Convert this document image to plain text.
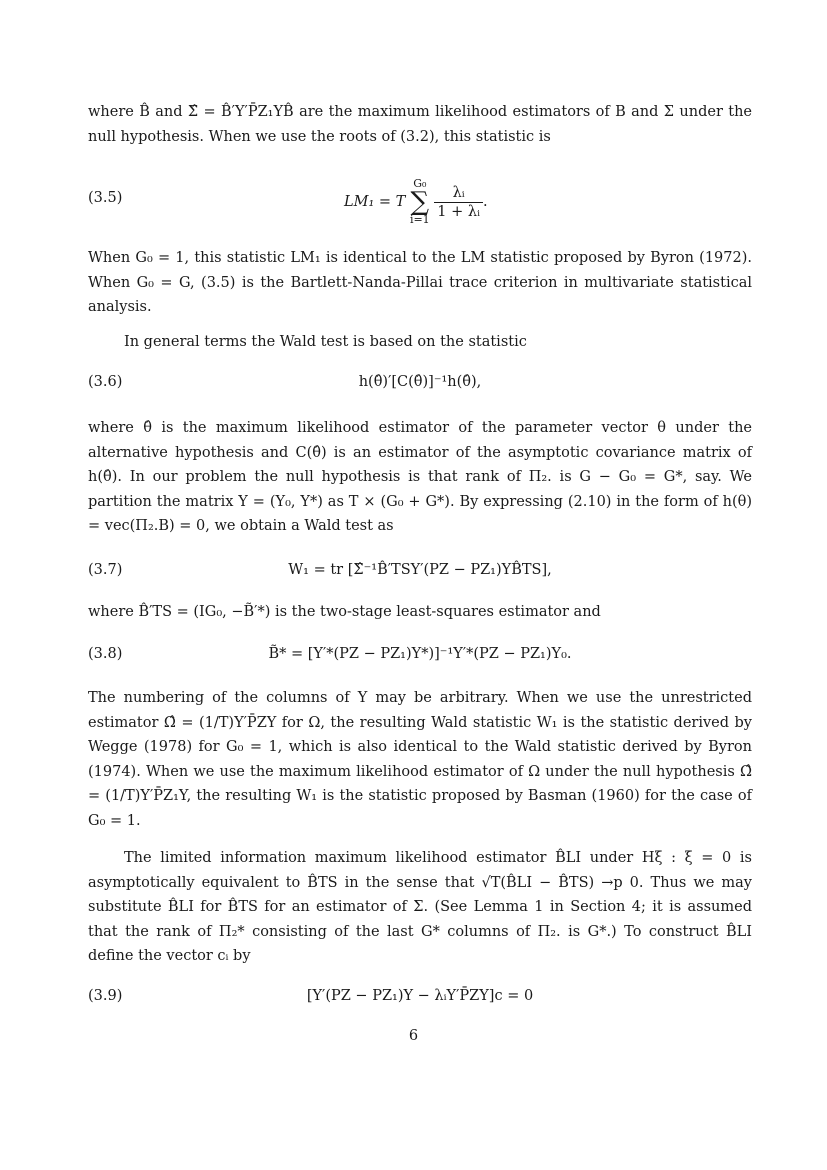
where B̂ and Σ̂ = B̂′Y′P̄Z₁YB̂ are the maximum likelihood estimators of B and Σ under the null hypothesis. When we use the roots of (3.2), this statistic is

(3.5)	LM₁ = T G₀
∑
$i=1 \frac{\text{λᵢ}}{\text{1 + λᵢ}}$ .

When G₀ = 1, this statistic LM₁ is identical to the LM statistic proposed by Byron (1972). When G₀ = G, (3.5) is the Bartlett-Nanda-Pillai trace criterion in multivariate statistical analysis.

In general terms the Wald test is based on the statistic

(3.6)	h(θ̂)′[C(θ̂)]⁻¹h(θ̂),

where θ̂ is the maximum likelihood estimator of the parameter vector θ under the alternative hypothesis and C(θ̂) is an estimator of the asymptotic covariance matrix of h(θ̂). In our problem the null hypothesis is that rank of Π₂. is G − G₀ = G*, say. We partition the matrix Y = (Y₀, Y*) as T × (G₀ + G*). By expressing (2.10) in the form of h(θ) = vec(Π₂.B) = 0, we obtain a Wald test as

(3.7)	W₁ = tr [Σ̂⁻¹B̂′TSY′(PZ − PZ₁)YB̂TS],

where B̂′TS = (IG₀, −B̃′*) is the two-stage least-squares estimator and

(3.8)	B̃* = [Y′*(PZ − PZ₁)Y*)]⁻¹Y′*(PZ − PZ₁)Y₀.

The numbering of the columns of Y may be arbitrary. When we use the unrestricted estimator Ω̂ = (1/T)Y′P̄ZY for Ω, the resulting Wald statistic W₁ is the statistic derived by Wegge (1978) for G₀ = 1, which is also identical to the Wald statistic derived by Byron (1974). When we use the maximum likelihood estimator of Ω under the null hypothesis Ω̂ = (1/T)Y′P̄Z₁Y, the resulting W₁ is the statistic proposed by Basman (1960) for the case of G₀ = 1.

The limited information maximum likelihood estimator B̂LI under Hξ : ξ = 0 is asymptotically equivalent to B̂TS in the sense that √T(B̂LI − B̂TS) →p 0. Thus we may substitute B̂LI for B̂TS for an estimator of Σ. (See Lemma 1 in Section 4; it is assumed that the rank of Π₂* consisting of the last G* columns of Π₂. is G*.) To construct B̂LI define the vector cᵢ by

(3.9)	[Y′(PZ − PZ₁)Y − λᵢY′P̄ZY]c = 0
6
